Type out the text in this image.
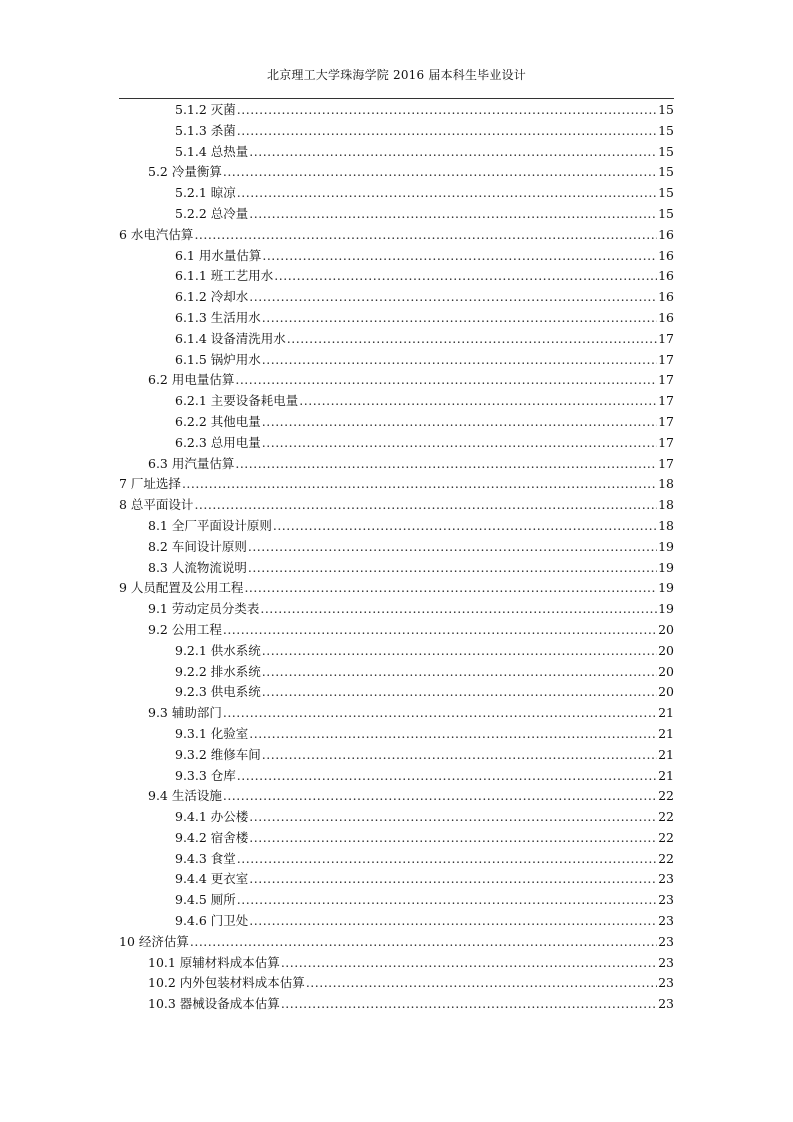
北京理工大学珠海学院 2016 届本科生毕业设计
5.1.2 灭菌 .....	15
5.1.3 杀菌 .....	15
5.1.4 总热量 .....	15
5.2 冷量衡算 .....	15
5.2.1 晾凉 .....	15
5.2.2 总冷量 .....	15
6 水电汽估算 .....	16
6.1 用水量估算 .....	16
6.1.1 班工艺用水 .....	16
6.1.2 冷却水 .....	16
6.1.3 生活用水 .....	16
6.1.4 设备清洗用水 .....	17
6.1.5 锅炉用水 .....	17
6.2 用电量估算 .....	17
6.2.1 主要设备耗电量 .....	17
6.2.2 其他电量 .....	17
6.2.3 总用电量 .....	17
6.3 用汽量估算 .....	17
7 厂址选择 .....	18
8 总平面设计 .....	18
8.1 全厂平面设计原则 .....	18
8.2 车间设计原则 .....	19
8.3 人流物流说明 .....	19
9 人员配置及公用工程 .....	19
9.1 劳动定员分类表 .....	19
9.2 公用工程 .....	20
9.2.1 供水系统 .....	20
9.2.2 排水系统 .....	20
9.2.3 供电系统 .....	20
9.3 辅助部门 .....	21
9.3.1 化验室 .....	21
9.3.2 维修车间 .....	21
9.3.3 仓库 .....	21
9.4 生活设施 .....	22
9.4.1 办公楼 .....	22
9.4.2 宿舍楼 .....	22
9.4.3 食堂 .....	22
9.4.4 更衣室 .....	23
9.4.5 厕所 .....	23
9.4.6 门卫处 .....	23
10 经济估算 .....	23
10.1 原辅材料成本估算 .....	23
10.2 内外包装材料成本估算 .....	23
10.3 器械设备成本估算 .....	23
